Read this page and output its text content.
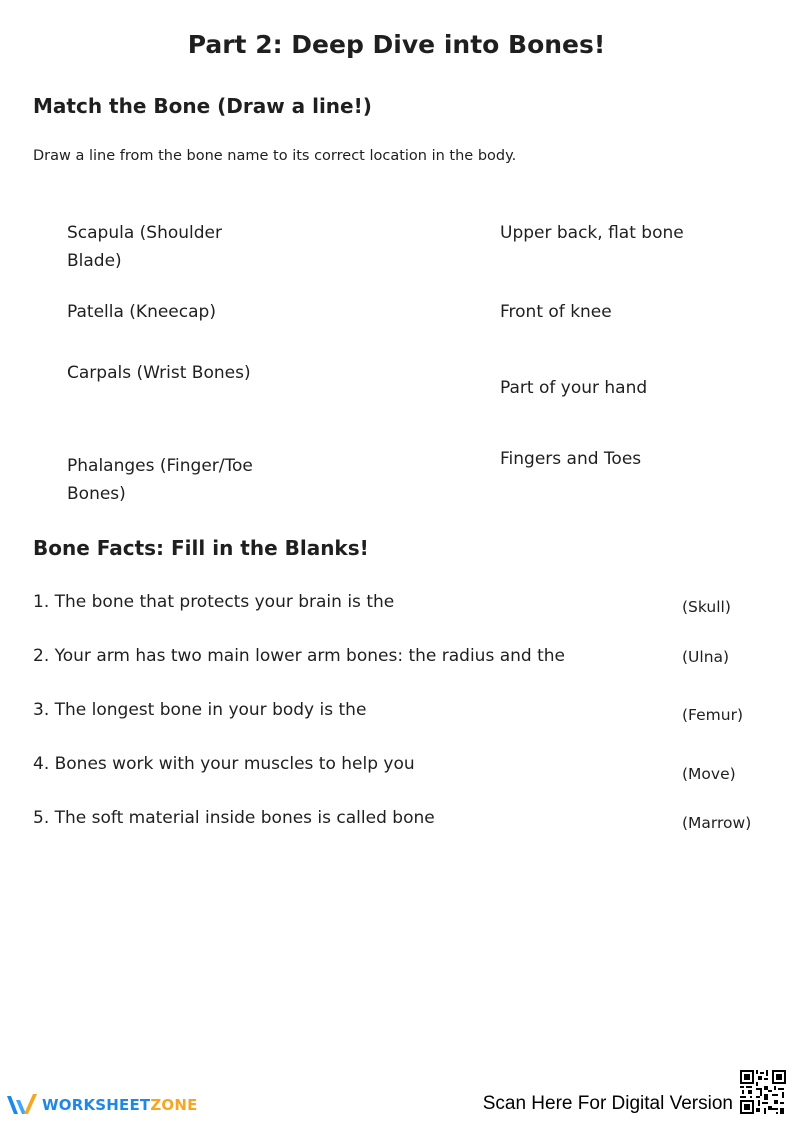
Part 2: Deep Dive into Bones!
Match the Bone (Draw a line!)
Draw a line from the bone name to its correct location in the body.
Scapula (Shoulder Blade)
Patella (Kneecap)
Carpals (Wrist Bones)
Phalanges (Finger/Toe Bones)
Upper back, flat bone
Front of knee
Part of your hand
Fingers and Toes
Bone Facts: Fill in the Blanks!
1. The bone that protects your brain is the
2. Your arm has two main lower arm bones: the radius and the
3. The longest bone in your body is the
4. Bones work with your muscles to help you
5. The soft material inside bones is called bone
(Skull)
(Ulna)
(Femur)
(Move)
(Marrow)
WORKSHEETZONE	Scan Here For Digital Version
